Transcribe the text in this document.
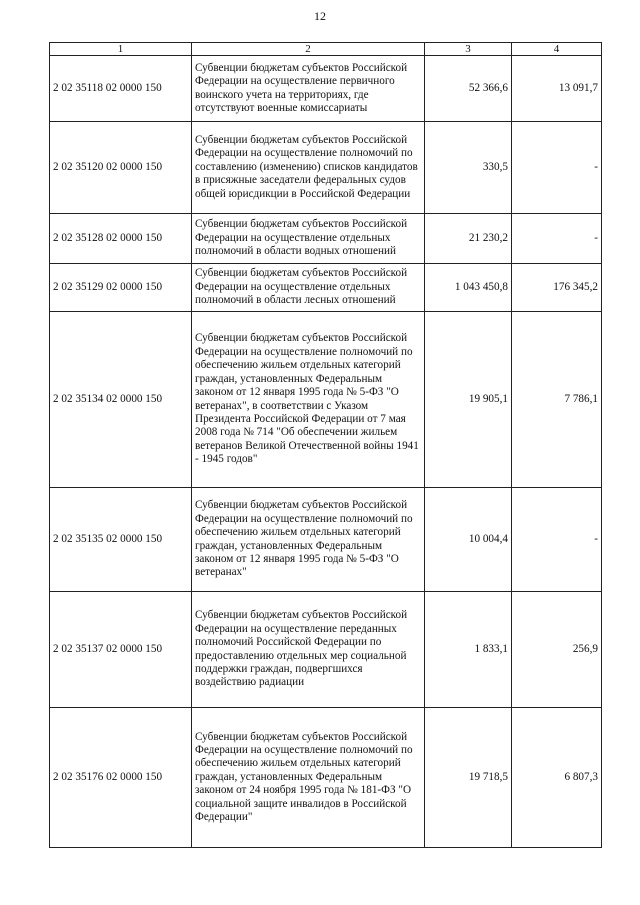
12
1	2	3	4
2 02 35118 02 0000 150	Субвенции бюджетам субъектов Российской Федерации на осуществление первичного воинского учета на территориях, где отсутствуют военные комиссариаты	52 366,6	13 091,7
2 02 35120 02 0000 150	Субвенции бюджетам субъектов Российской Федерации на осуществление полномочий по составлению (изменению) списков кандидатов в присяжные заседатели федеральных судов общей юрисдикции в Российской Федерации	330,5	-
2 02 35128 02 0000 150	Субвенции бюджетам субъектов Российской Федерации на осуществление отдельных полномочий в области водных отношений	21 230,2	-
2 02 35129 02 0000 150	Субвенции бюджетам субъектов Российской Федерации на осуществление отдельных полномочий в области лесных отношений	1 043 450,8	176 345,2
2 02 35134 02 0000 150	Субвенции бюджетам субъектов Российской Федерации на осуществление полномочий по обеспечению жильем отдельных категорий граждан, установленных Федеральным законом от 12 января 1995 года № 5-ФЗ "О ветеранах", в соответствии с Указом Президента Российской Федерации от 7 мая 2008 года № 714 "Об обеспечении жильем ветеранов Великой Отечественной войны 1941 - 1945 годов"	19 905,1	7 786,1
2 02 35135 02 0000 150	Субвенции бюджетам субъектов Российской Федерации на осуществление полномочий по обеспечению жильем отдельных категорий граждан, установленных Федеральным законом от 12 января 1995 года № 5-ФЗ "О ветеранах"	10 004,4	-
2 02 35137 02 0000 150	Субвенции бюджетам субъектов Российской Федерации на осуществление переданных полномочий Российской Федерации по предоставлению отдельных мер социальной поддержки граждан, подвергшихся воздействию радиации	1 833,1	256,9
2 02 35176 02 0000 150	Субвенции бюджетам субъектов Российской Федерации на осуществление полномочий по обеспечению жильем отдельных категорий граждан, установленных Федеральным законом от 24 ноября 1995 года № 181-ФЗ "О социальной защите инвалидов в Российской Федерации"	19 718,5	6 807,3
